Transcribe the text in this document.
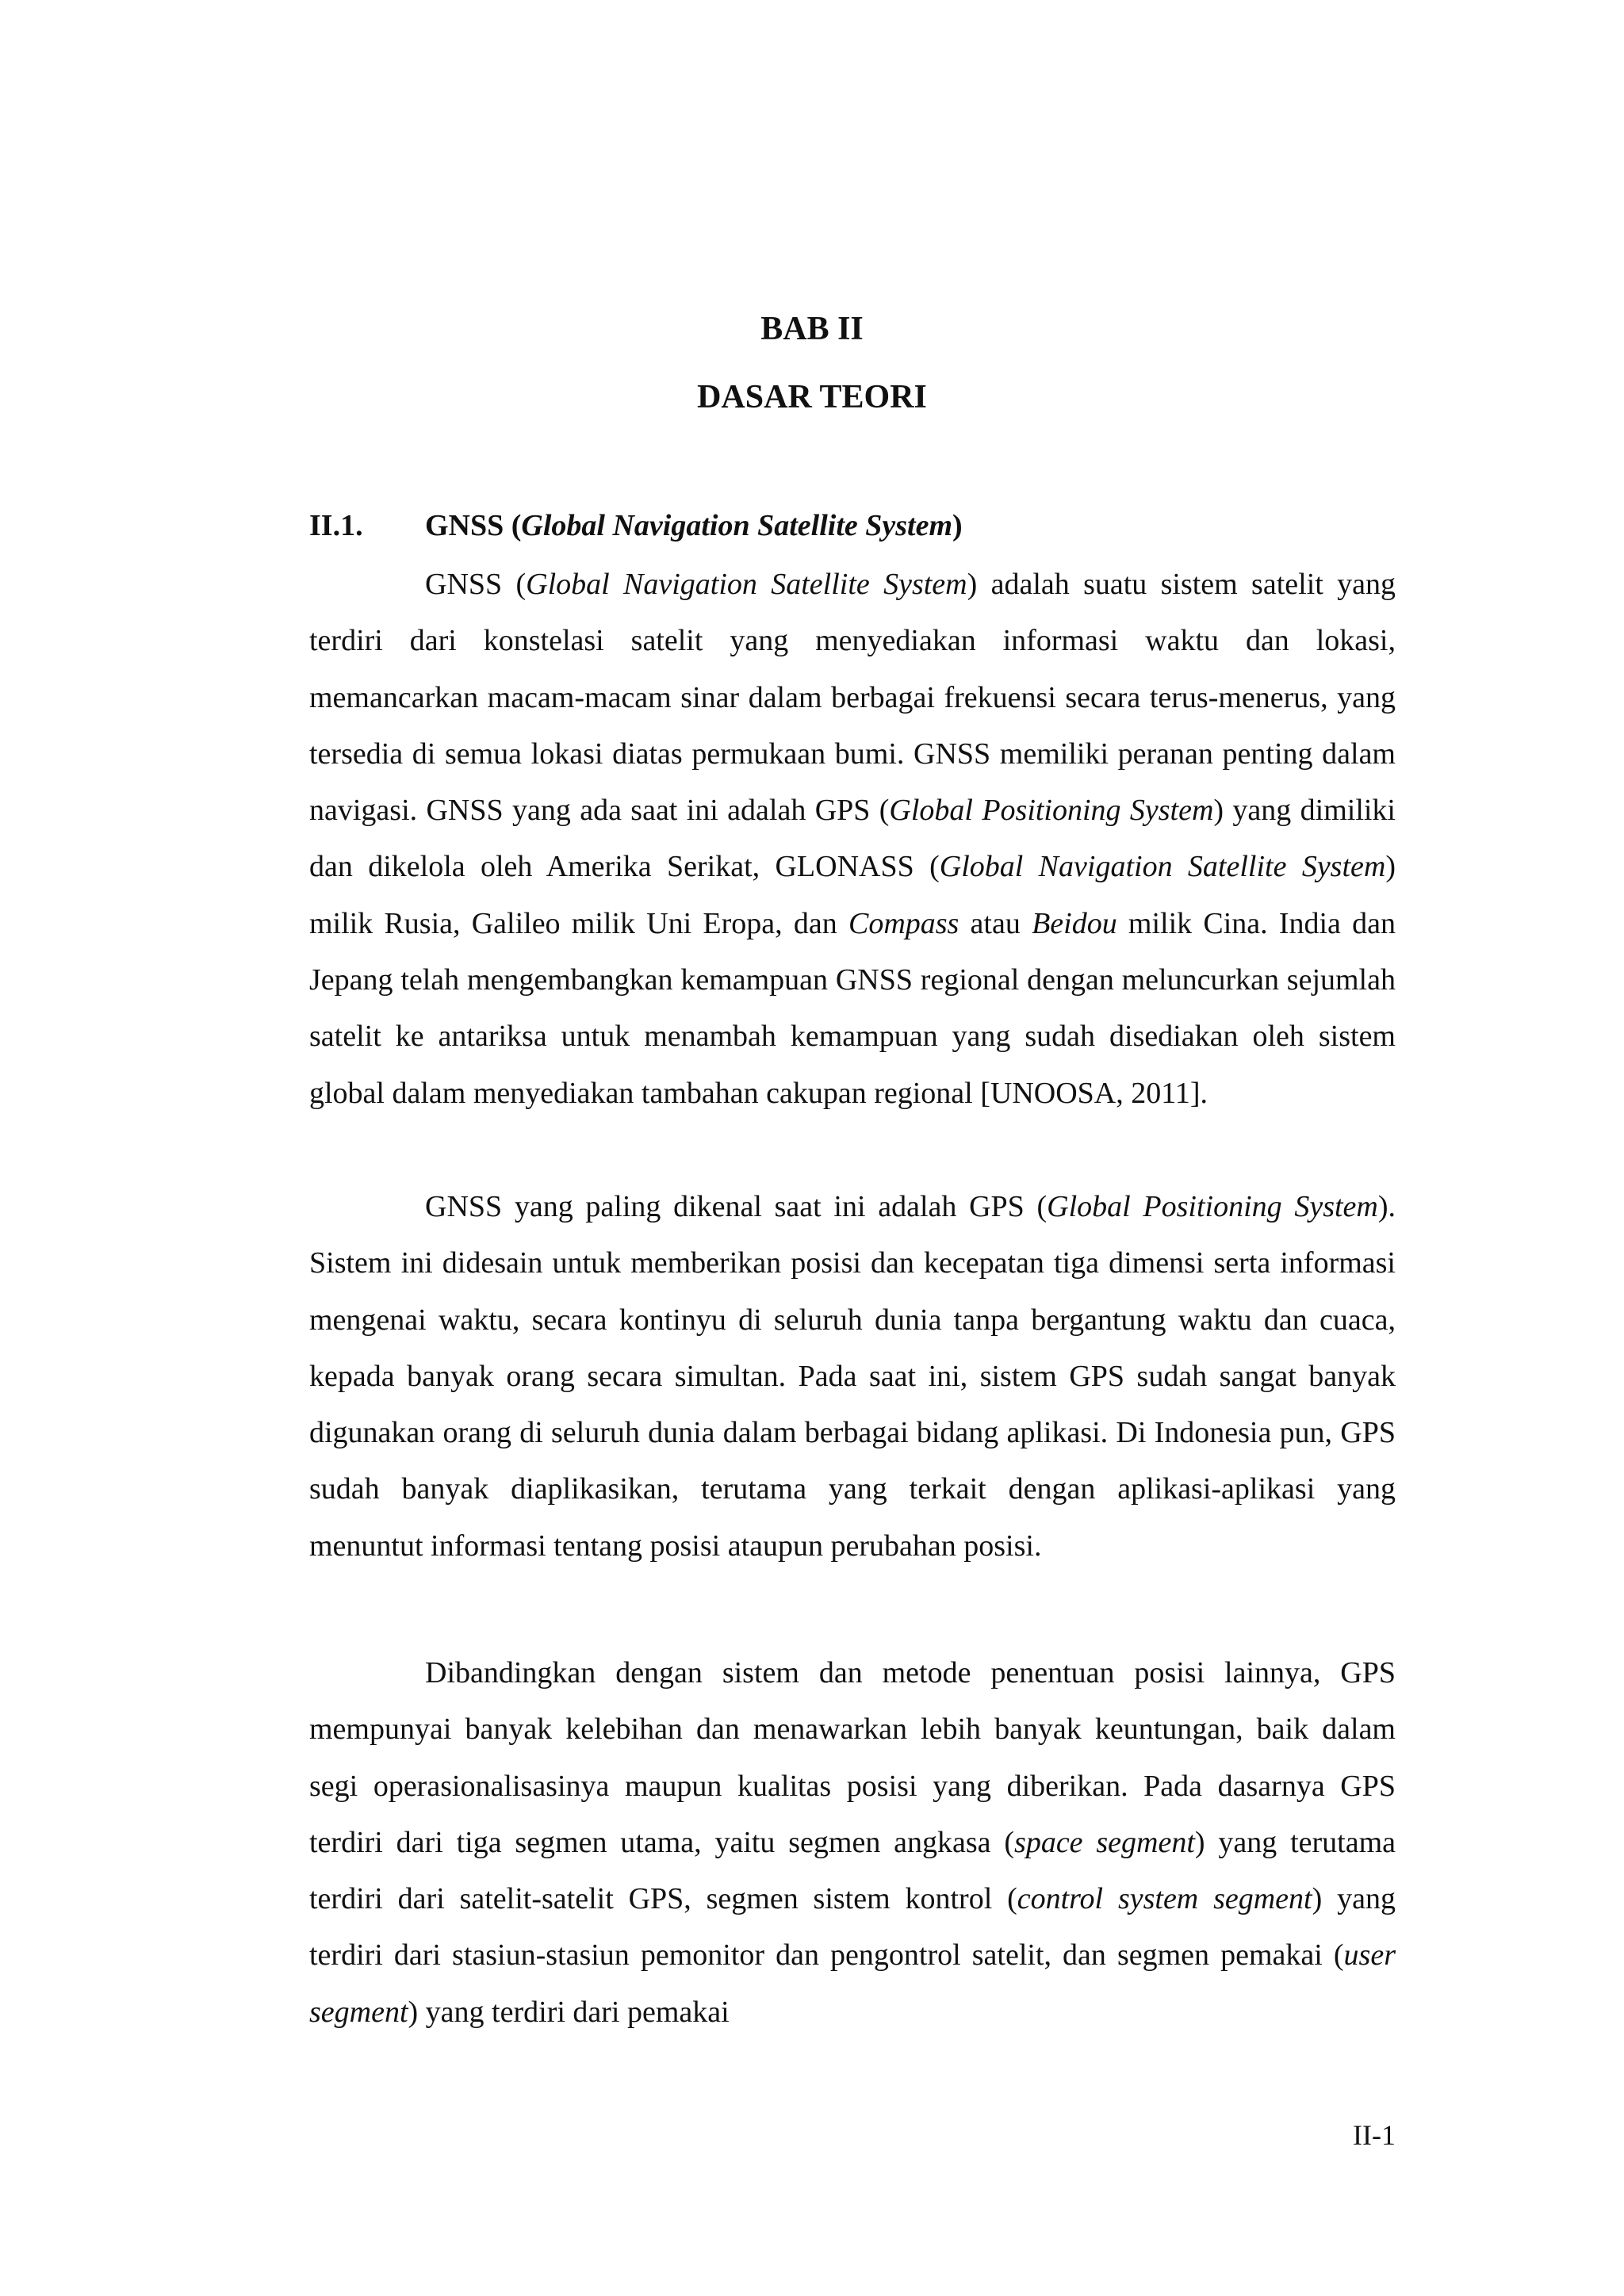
BAB II
DASAR TEORI
II.1. GNSS (Global Navigation Satellite System)

GNSS (Global Navigation Satellite System) adalah suatu sistem satelit yang terdiri dari konstelasi satelit yang menyediakan informasi waktu dan lokasi, memancarkan macam-macam sinar dalam berbagai frekuensi secara terus-menerus, yang tersedia di semua lokasi diatas permukaan bumi. GNSS memiliki peranan penting dalam navigasi. GNSS yang ada saat ini adalah GPS (Global Positioning System) yang dimiliki dan dikelola oleh Amerika Serikat, GLONASS (Global Navigation Satellite System) milik Rusia, Galileo milik Uni Eropa, dan Compass atau Beidou milik Cina. India dan Jepang telah mengembangkan kemampuan GNSS regional dengan meluncurkan sejumlah satelit ke antariksa untuk menambah kemampuan yang sudah disediakan oleh sistem global dalam menyediakan tambahan cakupan regional [UNOOSA, 2011].

GNSS yang paling dikenal saat ini adalah GPS (Global Positioning System). Sistem ini didesain untuk memberikan posisi dan kecepatan tiga dimensi serta informasi mengenai waktu, secara kontinyu di seluruh dunia tanpa bergantung waktu dan cuaca, kepada banyak orang secara simultan. Pada saat ini, sistem GPS sudah sangat banyak digunakan orang di seluruh dunia dalam berbagai bidang aplikasi. Di Indonesia pun, GPS sudah banyak diaplikasikan, terutama yang terkait dengan aplikasi-aplikasi yang menuntut informasi tentang posisi ataupun perubahan posisi.

Dibandingkan dengan sistem dan metode penentuan posisi lainnya, GPS mempunyai banyak kelebihan dan menawarkan lebih banyak keuntungan, baik dalam segi operasionalisasinya maupun kualitas posisi yang diberikan. Pada dasarnya GPS terdiri dari tiga segmen utama, yaitu segmen angkasa (space segment) yang terutama terdiri dari satelit-satelit GPS, segmen sistem kontrol (control system segment) yang terdiri dari stasiun-stasiun pemonitor dan pengontrol satelit, dan segmen pemakai (user segment) yang terdiri dari pemakai

II-1
